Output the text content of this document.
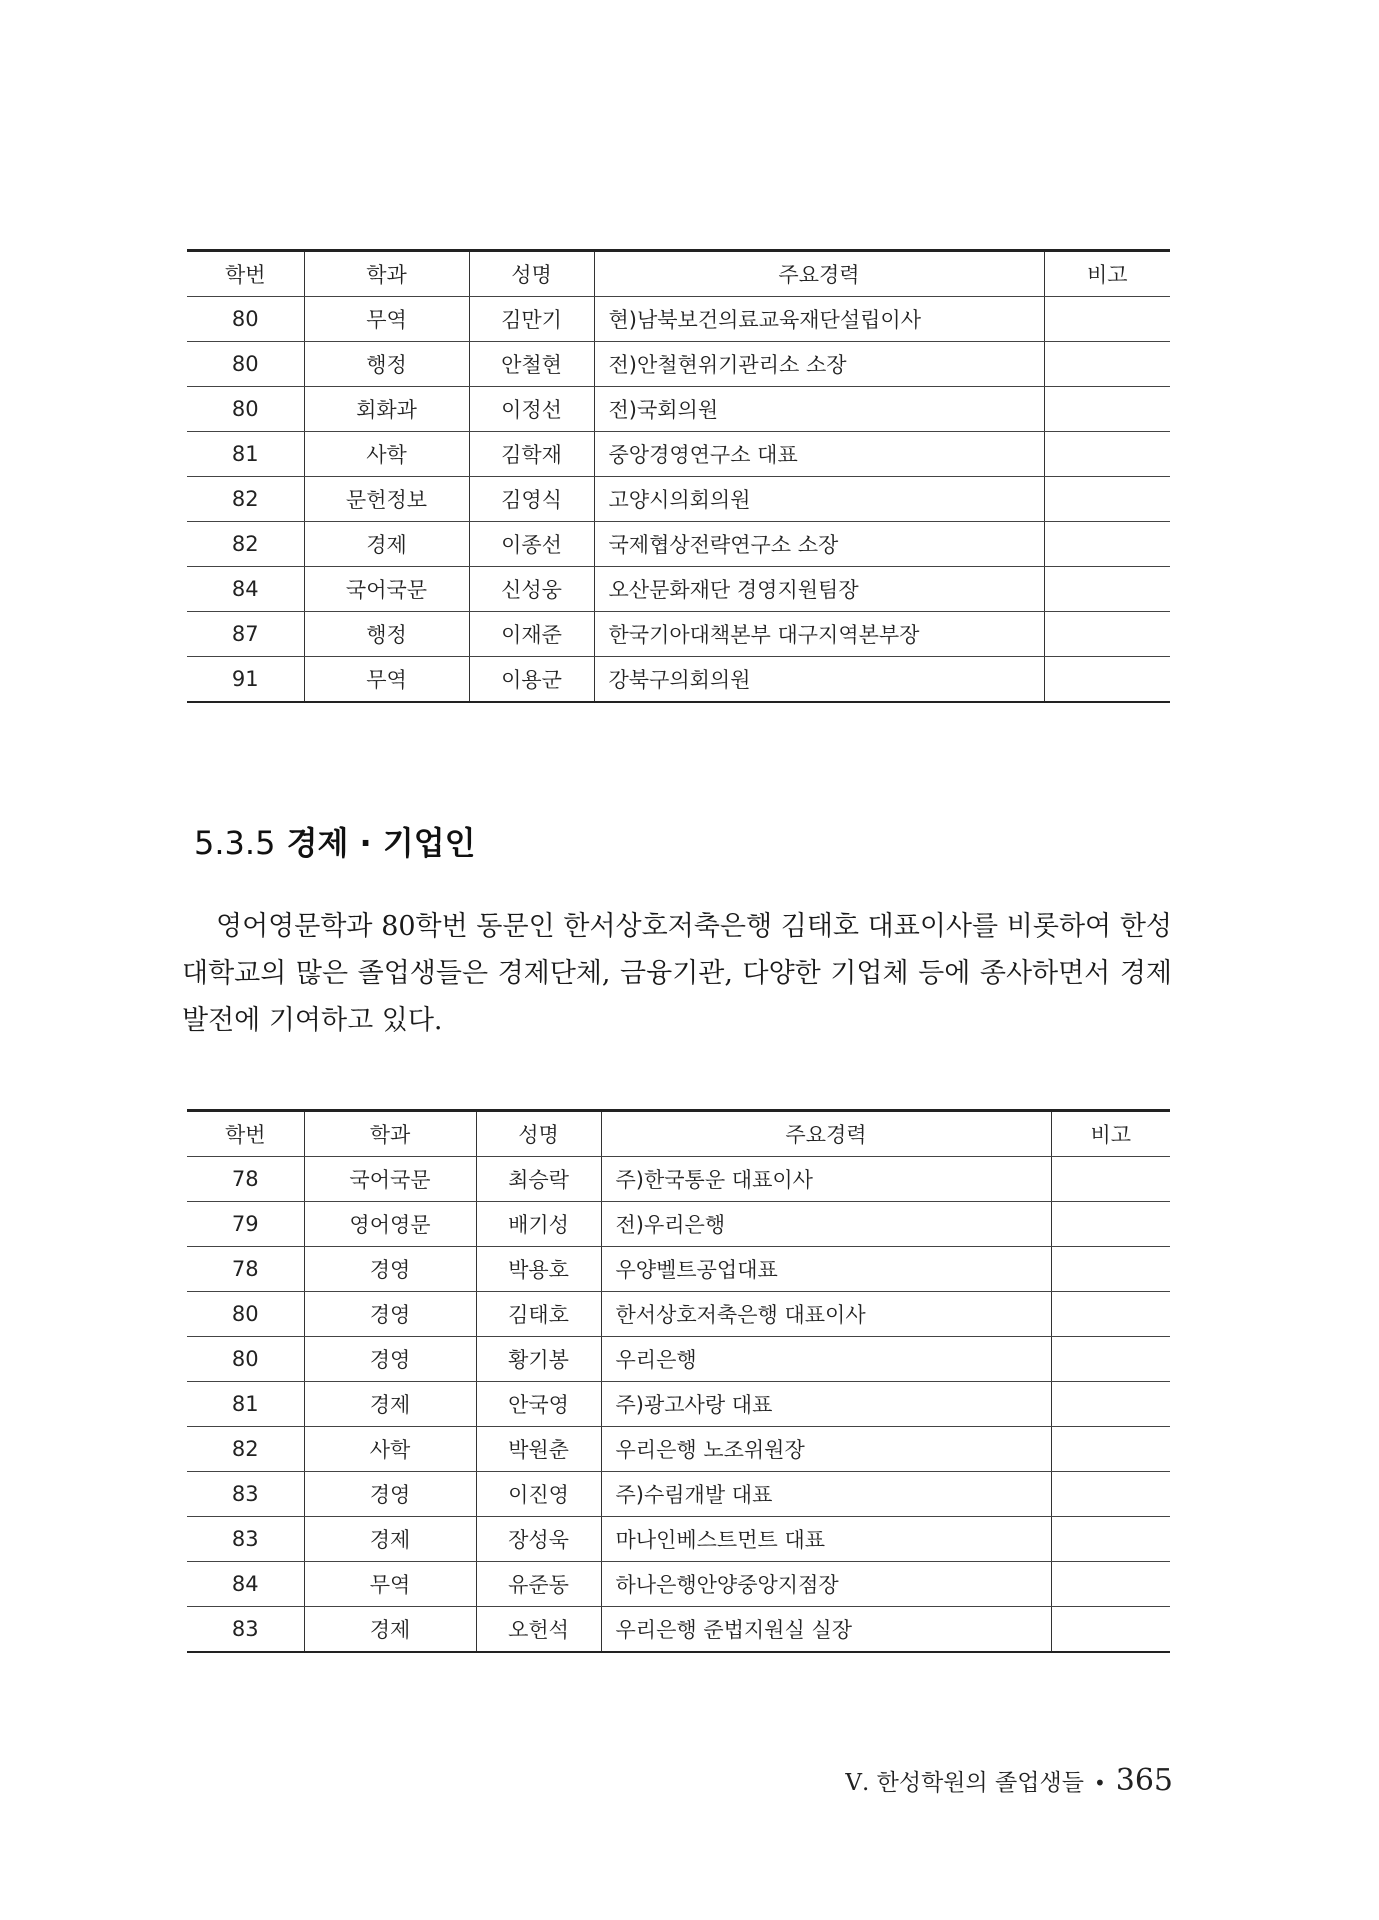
학번	학과	성명	주요경력	비고
80	무역	김만기	현)남북보건의료교육재단설립이사	
80	행정	안철현	전)안철현위기관리소 소장	
80	회화과	이정선	전)국회의원	
81	사학	김학재	중앙경영연구소 대표	
82	문헌정보	김영식	고양시의회의원	
82	경제	이종선	국제협상전략연구소 소장	
84	국어국문	신성웅	오산문화재단 경영지원팀장	
87	행정	이재준	한국기아대책본부 대구지역본부장	
91	무역	이용군	강북구의회의원	
5.3.5 경제 · 기업인

영어영문학과 80학번 동문인 한서상호저축은행 김태호 대표이사를 비롯하여 한성대학교의 많은 졸업생들은 경제단체, 금융기관, 다양한 기업체 등에 종사하면서 경제발전에 기여하고 있다.

학번	학과	성명	주요경력	비고
78	국어국문	최승락	주)한국통운 대표이사	
79	영어영문	배기성	전)우리은행	
78	경영	박용호	우양벨트공업대표	
80	경영	김태호	한서상호저축은행 대표이사	
80	경영	황기봉	우리은행	
81	경제	안국영	주)광고사랑 대표	
82	사학	박원춘	우리은행 노조위원장	
83	경영	이진영	주)수림개발 대표	
83	경제	장성욱	마나인베스트먼트 대표	
84	무역	유준동	하나은행안양중앙지점장	
83	경제	오헌석	우리은행 준법지원실 실장	
Ⅴ. 한성학원의 졸업생들 • 365
